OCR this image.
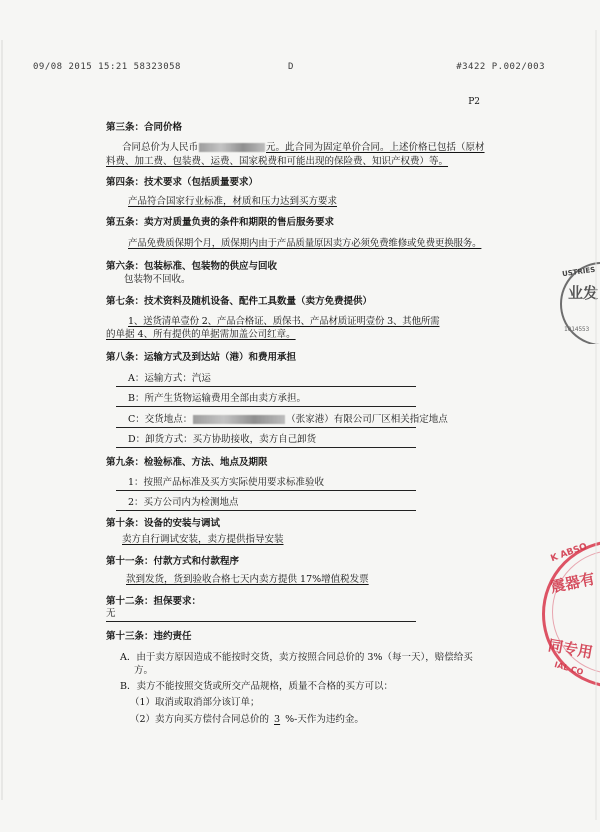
09/08 2015 15:21 58323058	D	#3422 P.002/003
P2
第三条：合同价格
合同总价为人民币	元。此合同为固定单价合同。上述价格已包括（原材
料费、加工费、包装费、运费、国家税费和可能出现的保险费、知识产权费）等。
第四条：技术要求（包括质量要求）
产品符合国家行业标准，材质和压力达到买方要求
第五条：卖方对质量负责的条件和期限的售后服务要求
产品免费质保期个月，质保期内由于产品质量原因卖方必须免费维修或免费更换服务。
第六条：包装标准、包装物的供应与回收
包装物不回收。
第七条：技术资料及随机设备、配件工具数量（卖方免费提供）
1、送货清单壹份 2、产品合格证、质保书、产品材质证明壹份 3、其他所需
的单据 4、所有提供的单据需加盖公司红章。
第八条：运输方式及到达站（港）和费用承担
A：运输方式：汽运
B：所产生货物运输费用全部由卖方承担。
C：交货地点：	（张家港）有限公司厂区相关指定地点
D：卸货方式：买方协助接收，卖方自己卸货
第九条：检验标准、方法、地点及期限
1：按照产品标准及买方实际使用要求标准验收
2：买方公司内为检测地点
第十条：设备的安装与调试
卖方自行调试安装，卖方提供指导安装
第十一条：付款方式和付款程序
款到发货，货到验收合格七天内卖方提供 17%增值税发票
第十二条：担保要求：
无
第十三条：违约责任
A．由于卖方原因造成不能按时交货，卖方按照合同总价的 3%（每一天），赔偿给买
方。
B．卖方不能按照交货或所交产品规格，质量不合格的买方可以：
（1）取消或取消部分该订单；
（2）卖方向买方偿付合同总价的 3 %-天作为违约金。
USTRIES
业发
1014553
K ABSO
震器有
同专用
IAL CO
